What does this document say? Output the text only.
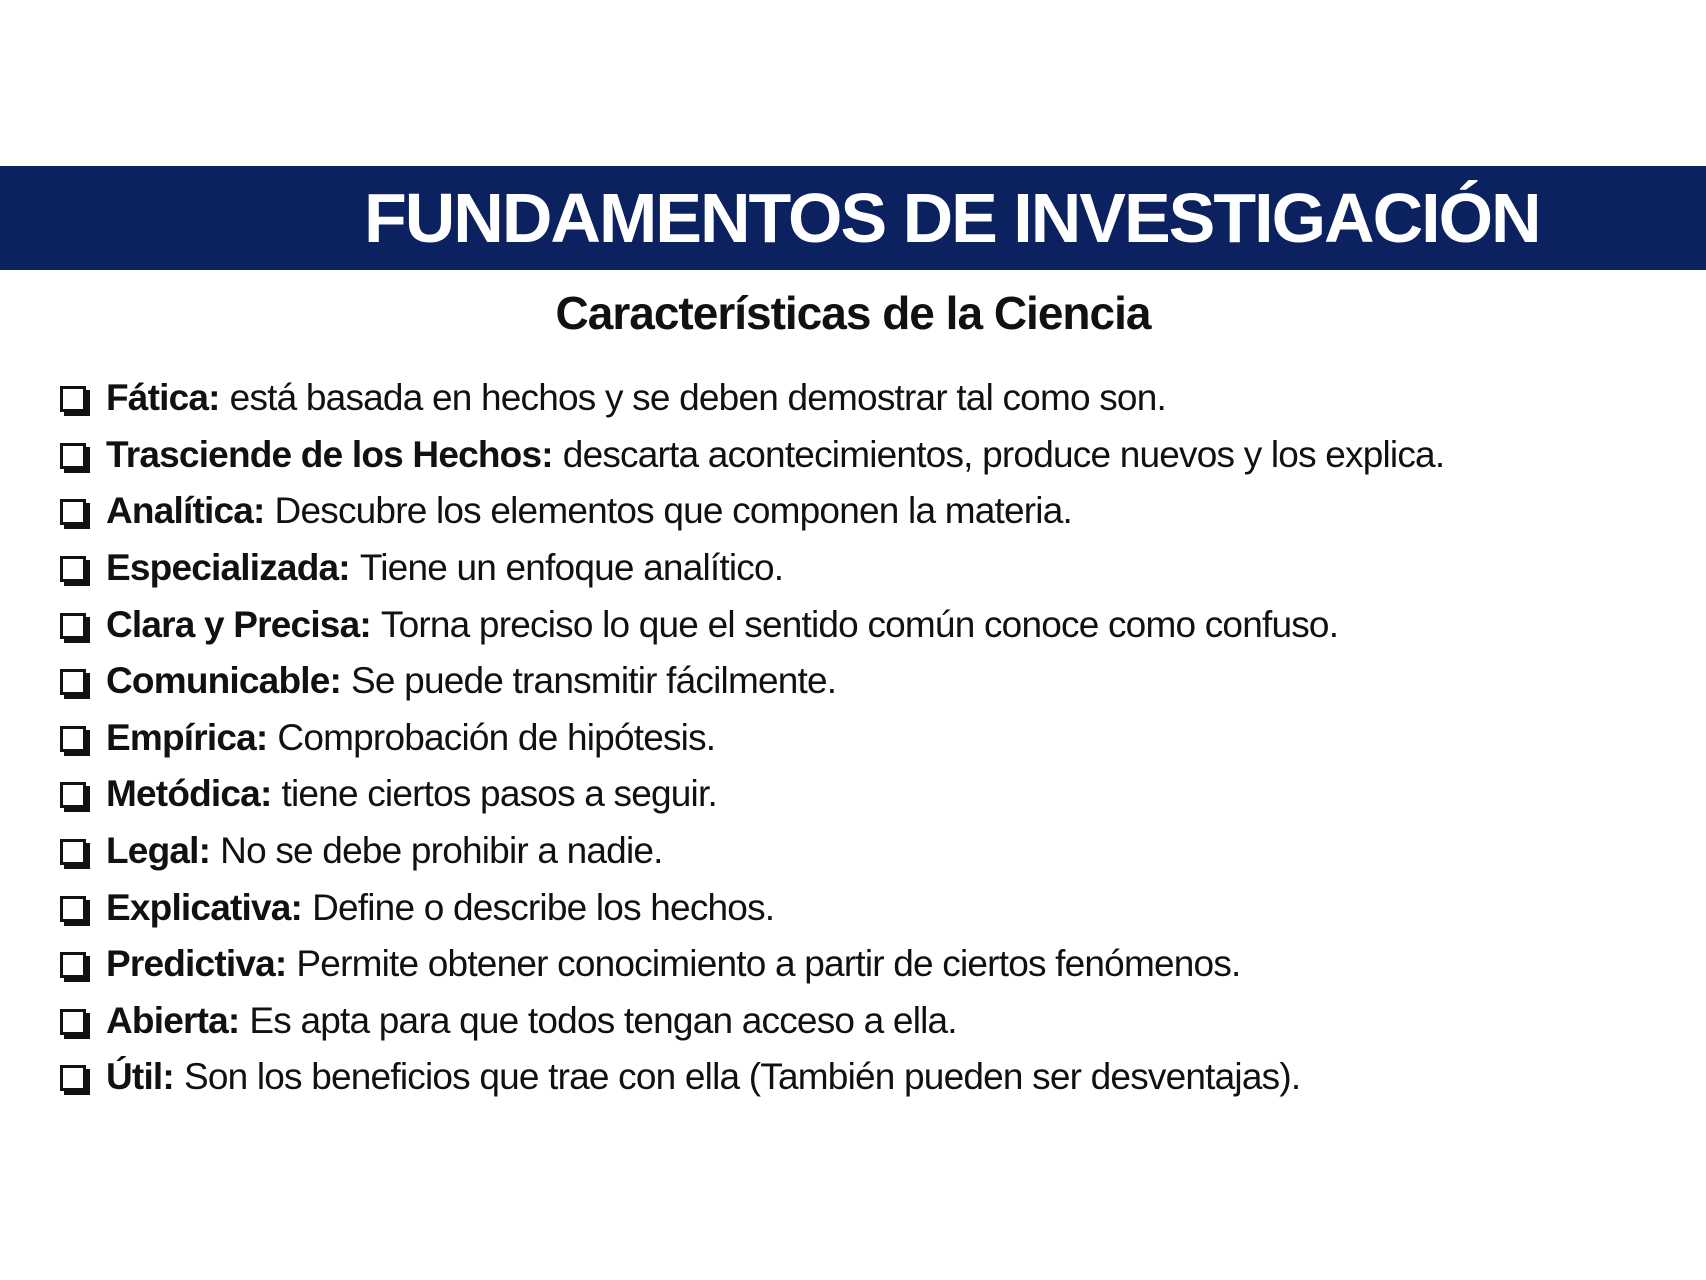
FUNDAMENTOS DE INVESTIGACIÓN
Características de la Ciencia
Fática: está basada en hechos y se deben demostrar tal como son.
Trasciende de los Hechos: descarta acontecimientos, produce nuevos y los explica.
Analítica: Descubre los elementos que componen la materia.
Especializada: Tiene un enfoque analítico.
Clara y Precisa: Torna preciso lo que el sentido común conoce como confuso.
Comunicable: Se puede transmitir fácilmente.
Empírica: Comprobación de hipótesis.
Metódica: tiene ciertos pasos a seguir.
Legal: No se debe prohibir a nadie.
Explicativa: Define o describe los hechos.
Predictiva: Permite obtener conocimiento a partir de ciertos fenómenos.
Abierta: Es apta para que todos tengan acceso a ella.
Útil: Son los beneficios que trae con ella (También pueden ser desventajas).
